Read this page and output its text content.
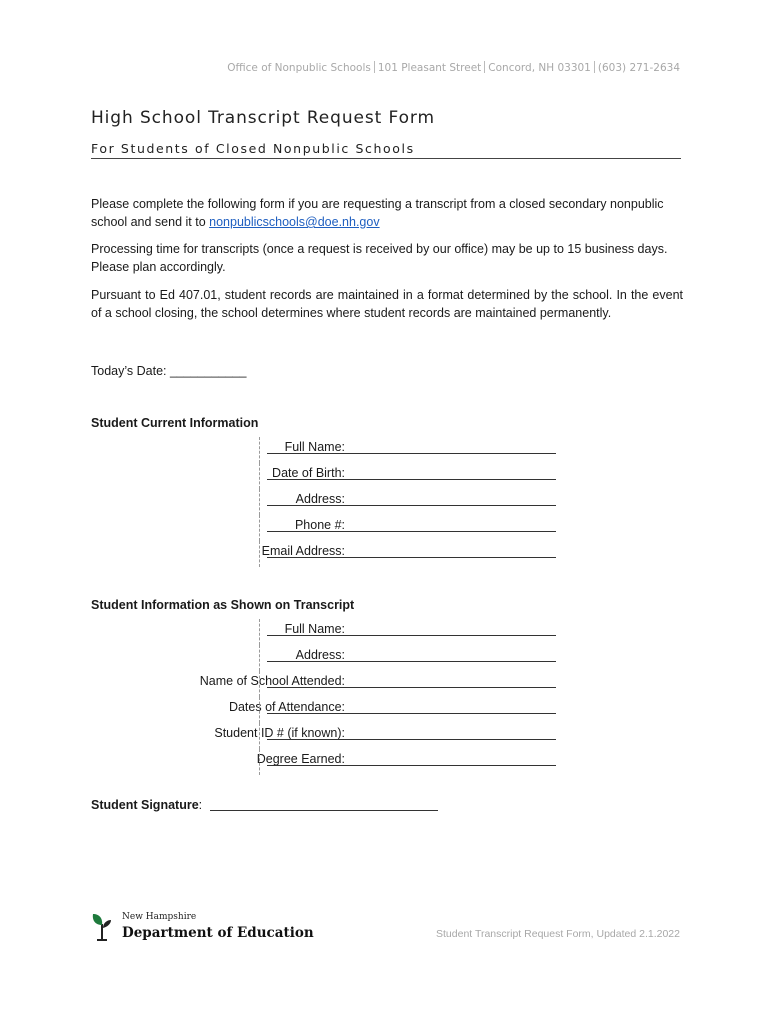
Office of Nonpublic Schools 101 Pleasant Street Concord, NH 03301 (603) 271-2634
High School Transcript Request Form
For Students of Closed Nonpublic Schools
Please complete the following form if you are requesting a transcript from a closed secondary nonpublic school and send it to nonpublicschools@doe.nh.gov
Processing time for transcripts (once a request is received by our office) may be up to 15 business days. Please plan accordingly.
Pursuant to Ed 407.01, student records are maintained in a format determined by the school. In the event of a school closing, the school determines where student records are maintained permanently.
Today’s Date: ___________
Student Current Information
Full Name:
Date of Birth:
Address:
Phone #:
Email Address:
Student Information as Shown on Transcript
Full Name:
Address:
Name of School Attended:
Dates of Attendance:
Student ID # (if known):
Degree Earned:
Student Signature:
New Hampshire
Department of Education	Student Transcript Request Form, Updated 2.1.2022
